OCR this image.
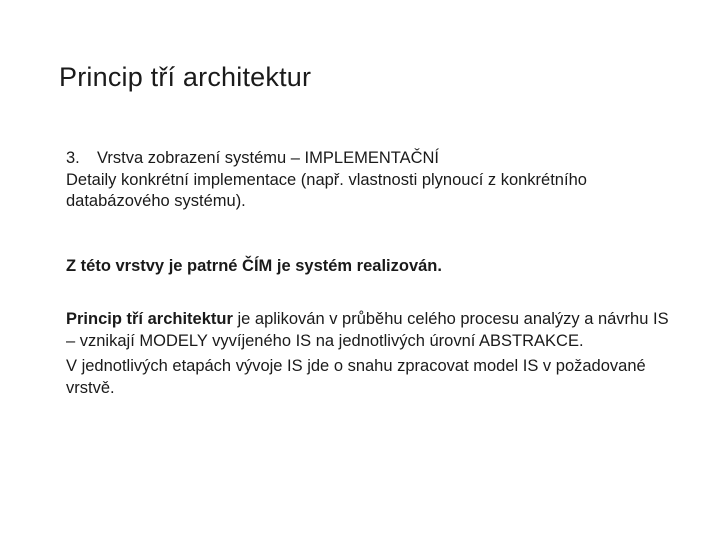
Princip tří architektur

3. Vrstva zobrazení systému – IMPLEMENTAČNÍ

Detaily konkrétní implementace (např. vlastnosti plynoucí z konkrétního databázového systému).

Z této vrstvy je patrné ČÍM je systém realizován.

Princip tří architektur je aplikován v průběhu celého procesu analýzy a návrhu IS – vznikají MODELY vyvíjeného IS na jednotlivých úrovní ABSTRAKCE.

V jednotlivých etapách vývoje IS jde o snahu zpracovat model IS v požadované vrstvě.
